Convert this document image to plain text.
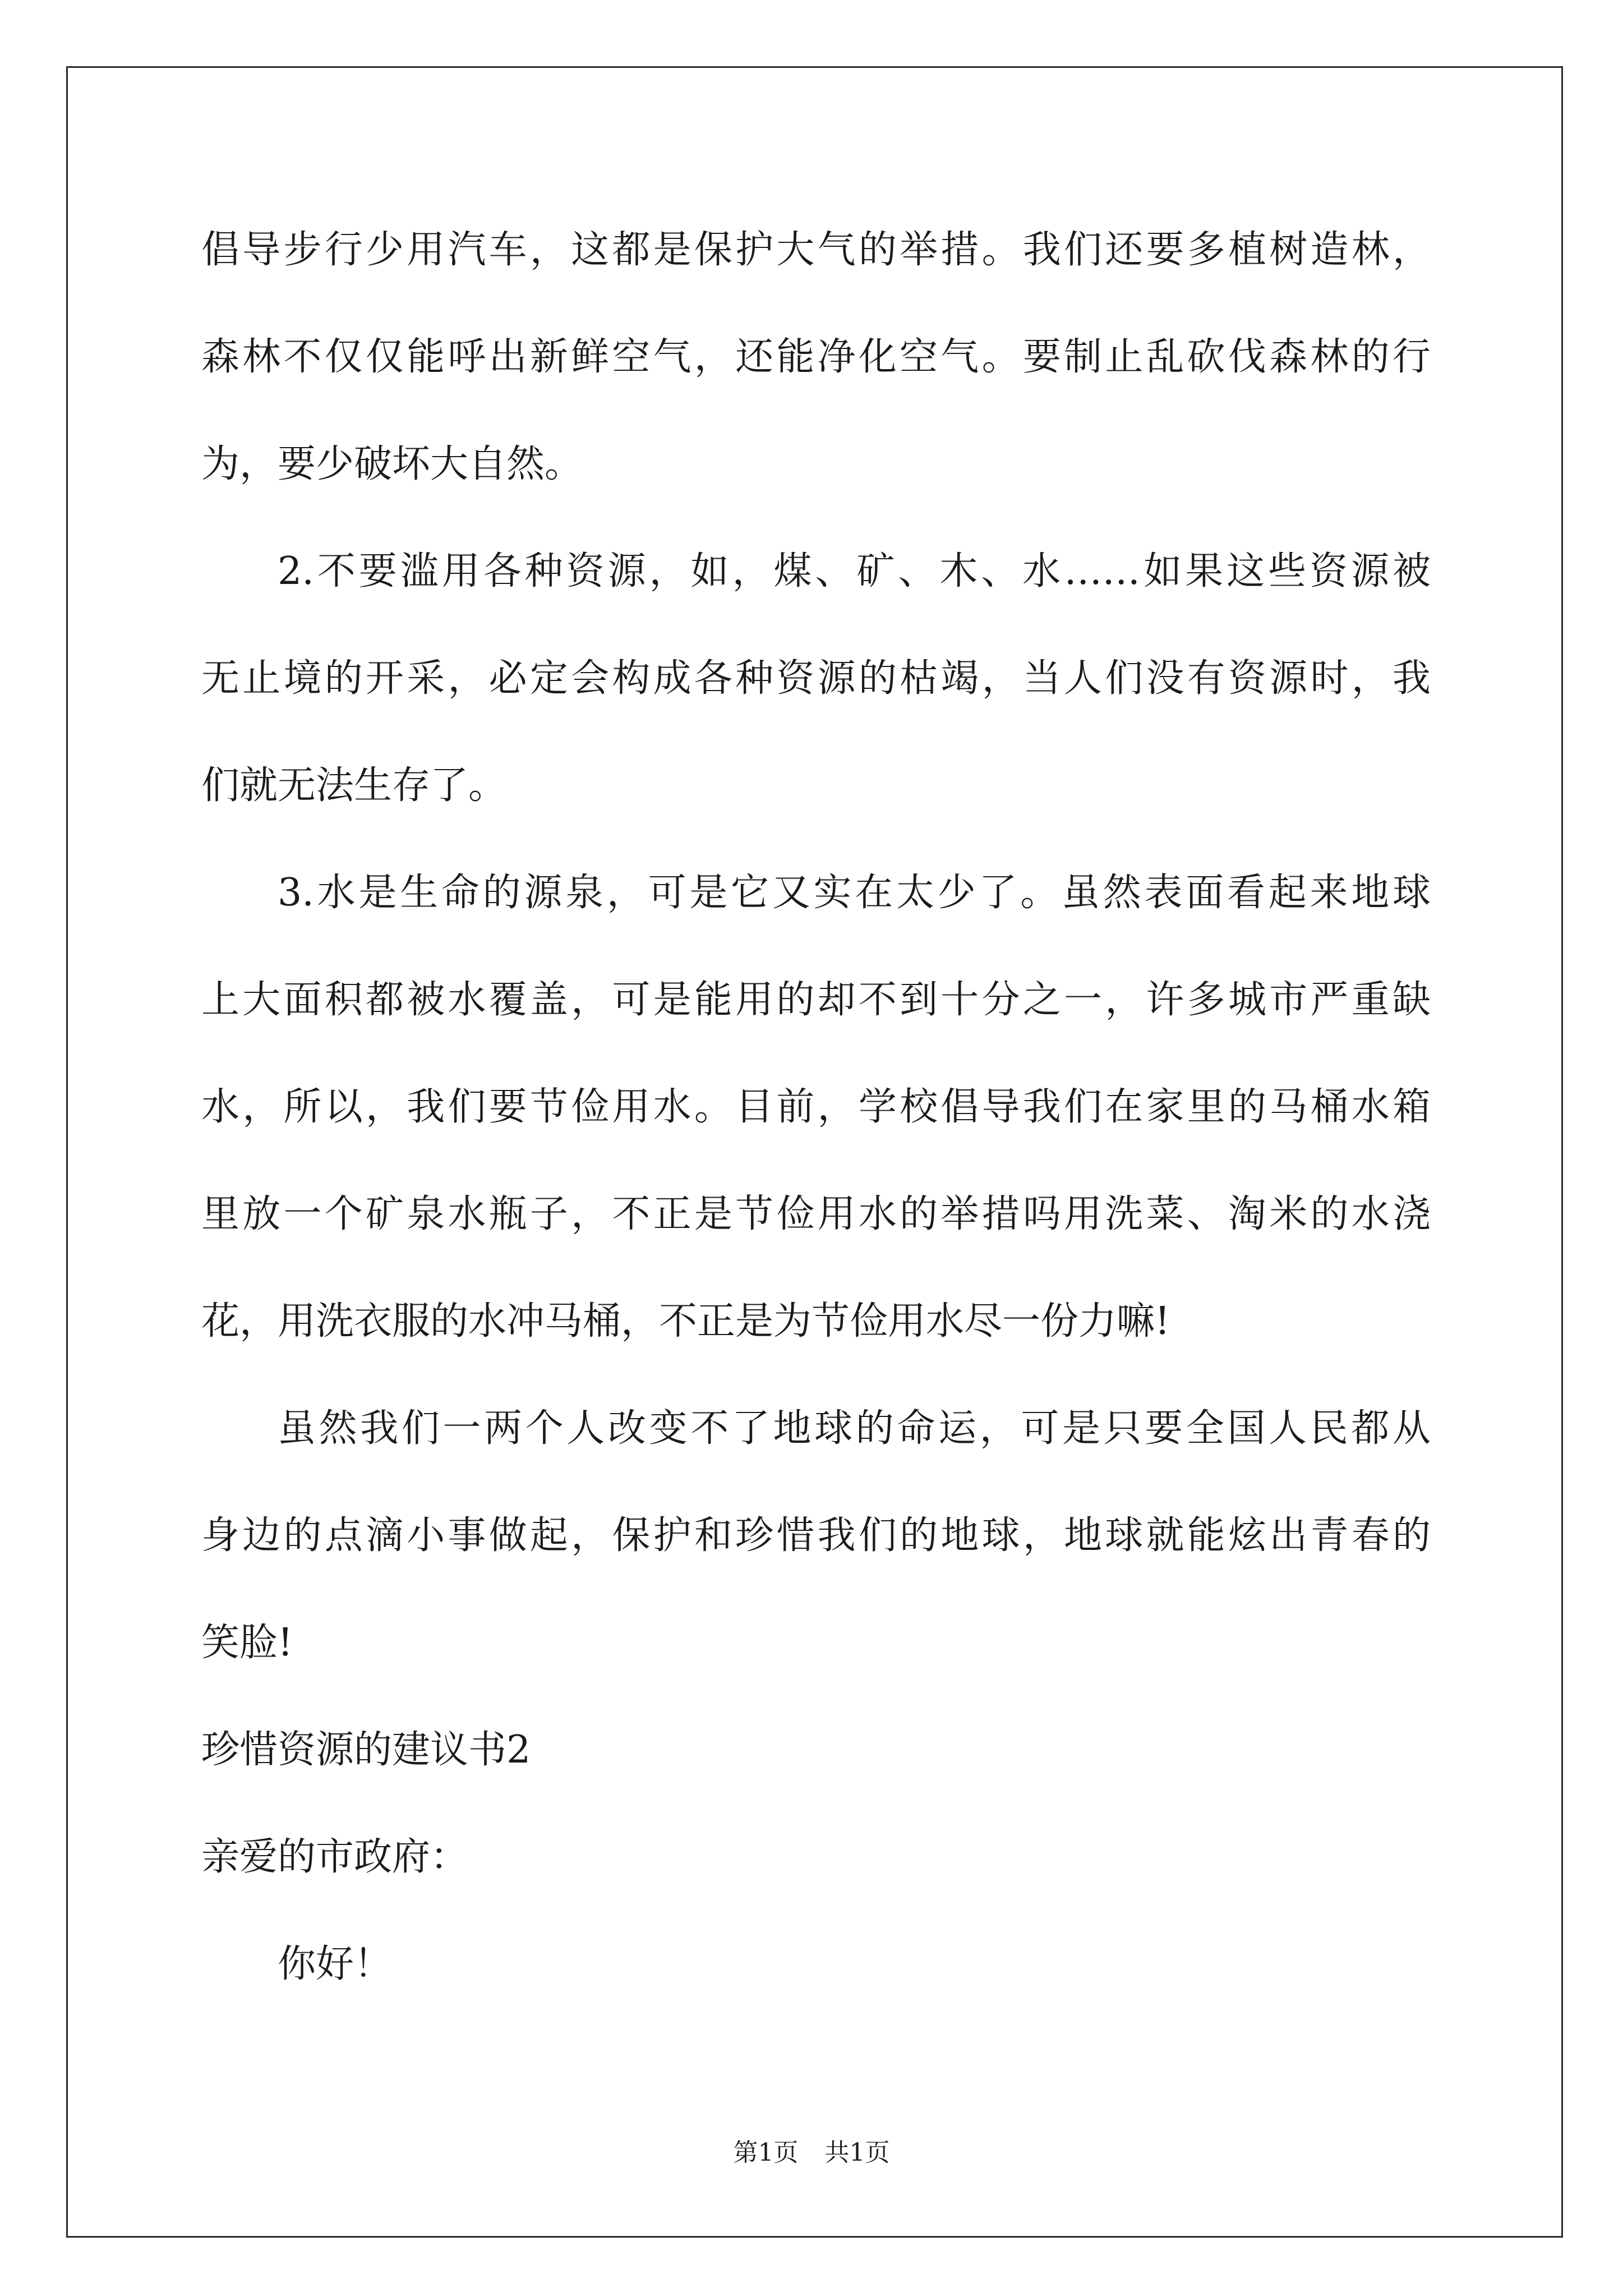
倡导步行少用汽车，这都是保护大气的举措。我们还要多植树造林，
森林不仅仅能呼出新鲜空气，还能净化空气。要制止乱砍伐森林的行
为，要少破坏大自然。
2.不要滥用各种资源，如，煤、矿、木、水……如果这些资源被
无止境的开采，必定会构成各种资源的枯竭，当人们没有资源时，我
们就无法生存了。
3.水是生命的源泉，可是它又实在太少了。虽然表面看起来地球
上大面积都被水覆盖，可是能用的却不到十分之一，许多城市严重缺
水，所以，我们要节俭用水。目前，学校倡导我们在家里的马桶水箱
里放一个矿泉水瓶子，不正是节俭用水的举措吗用洗菜、淘米的水浇
花，用洗衣服的水冲马桶，不正是为节俭用水尽一份力嘛!
虽然我们一两个人改变不了地球的命运，可是只要全国人民都从
身边的点滴小事做起，保护和珍惜我们的地球，地球就能炫出青春的
笑脸!
珍惜资源的建议书2
亲爱的市政府：
你好！
第1页 共1页
